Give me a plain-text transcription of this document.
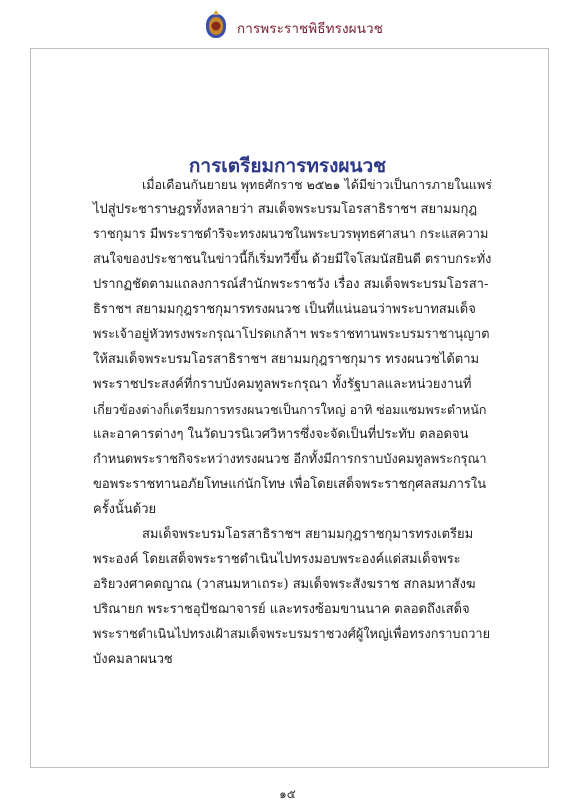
การพระราชพิธีทรงผนวช
การเตรียมการทรงผนวช
เมื่อเดือนกันยายน พุทธศักราช ๒๕๒๑ ได้มีข่าวเป็นการภายในแพร่
ไปสู่ประชาราษฎรทั้งหลายว่า สมเด็จพระบรมโอรสาธิราชฯ สยามมกุฎ
ราชกุมาร มีพระราชดำริจะทรงผนวชในพระบวรพุทธศาสนา กระแสความ
สนใจของประชาชนในข่าวนี้ก็เริ่มทวีขึ้น ด้วยมีใจโสมนัสยินดี ตราบกระทั่ง
ปรากฏชัดตามแถลงการณ์สำนักพระราชวัง เรื่อง สมเด็จพระบรมโอรสา-
ธิราชฯ สยามมกุฎราชกุมารทรงผนวช เป็นที่แน่นอนว่าพระบาทสมเด็จ
พระเจ้าอยู่หัวทรงพระกรุณาโปรดเกล้าฯ พระราชทานพระบรมราชานุญาต
ให้สมเด็จพระบรมโอรสาธิราชฯ สยามมกุฎราชกุมาร ทรงผนวชได้ตาม
พระราชประสงค์ที่กราบบังคมทูลพระกรุณา ทั้งรัฐบาลและหน่วยงานที่
เกี่ยวข้องต่างก็เตรียมการทรงผนวชเป็นการใหญ่ อาทิ ซ่อมแซมพระตำหนัก
และอาคารต่างๆ ในวัดบวรนิเวศวิหารซึ่งจะจัดเป็นที่ประทับ ตลอดจน
กำหนดพระราชกิจระหว่างทรงผนวช อีกทั้งมีการกราบบังคมทูลพระกรุณา
ขอพระราชทานอภัยโทษแก่นักโทษ เพื่อโดยเสด็จพระราชกุศลสมภารใน
ครั้งนั้นด้วย
สมเด็จพระบรมโอรสาธิราชฯ สยามมกุฎราชกุมารทรงเตรียม
พระองค์ โดยเสด็จพระราชดำเนินไปทรงมอบพระองค์แด่สมเด็จพระ
อริยวงศาคตญาณ (วาสนมหาเถระ) สมเด็จพระสังฆราช สกลมหาสังฆ
ปริณายก พระราชอุปัชฌาจารย์ และทรงซ้อมขานนาค ตลอดถึงเสด็จ
พระราชดำเนินไปทรงเฝ้าสมเด็จพระบรมราชวงศ์ผู้ใหญ่เพื่อทรงกราบถวาย
บังคมลาผนวช
๑๕
